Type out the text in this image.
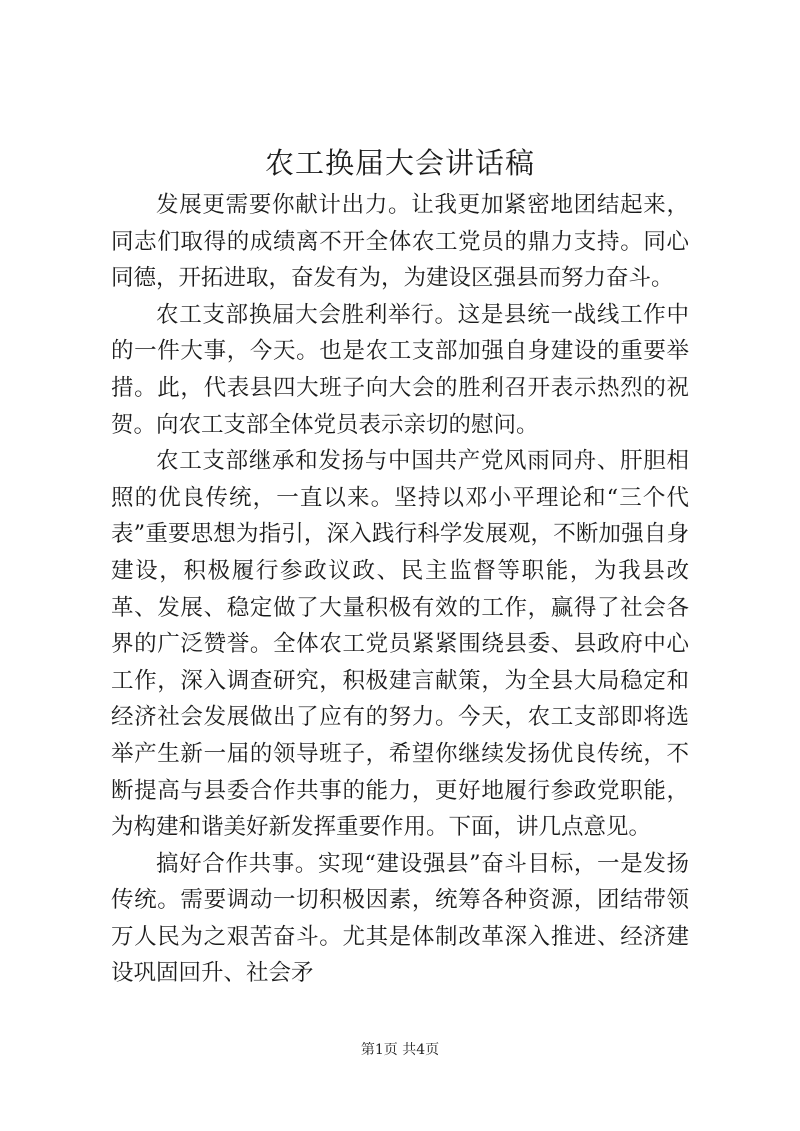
农工换届大会讲话稿

发展更需要你献计出力。让我更加紧密地团结起来，同志们取得的成绩离不开全体农工党员的鼎力支持。同心同德，开拓进取，奋发有为，为建设区强县而努力奋斗。

农工支部换届大会胜利举行。这是县统一战线工作中的一件大事，今天。也是农工支部加强自身建设的重要举措。此，代表县四大班子向大会的胜利召开表示热烈的祝贺。向农工支部全体党员表示亲切的慰问。

农工支部继承和发扬与中国共产党风雨同舟、肝胆相照的优良传统，一直以来。坚持以邓小平理论和“三个代表”重要思想为指引，深入践行科学发展观，不断加强自身建设，积极履行参政议政、民主监督等职能，为我县改革、发展、稳定做了大量积极有效的工作，赢得了社会各界的广泛赞誉。全体农工党员紧紧围绕县委、县政府中心工作，深入调查研究，积极建言献策，为全县大局稳定和经济社会发展做出了应有的努力。今天，农工支部即将选举产生新一届的领导班子，希望你继续发扬优良传统，不断提高与县委合作共事的能力，更好地履行参政党职能，为构建和谐美好新发挥重要作用。下面，讲几点意见。

搞好合作共事。实现“建设强县”奋斗目标，一是发扬传统。需要调动一切积极因素，统筹各种资源，团结带领万人民为之艰苦奋斗。尤其是体制改革深入推进、经济建设巩固回升、社会矛

第1页 共4页
